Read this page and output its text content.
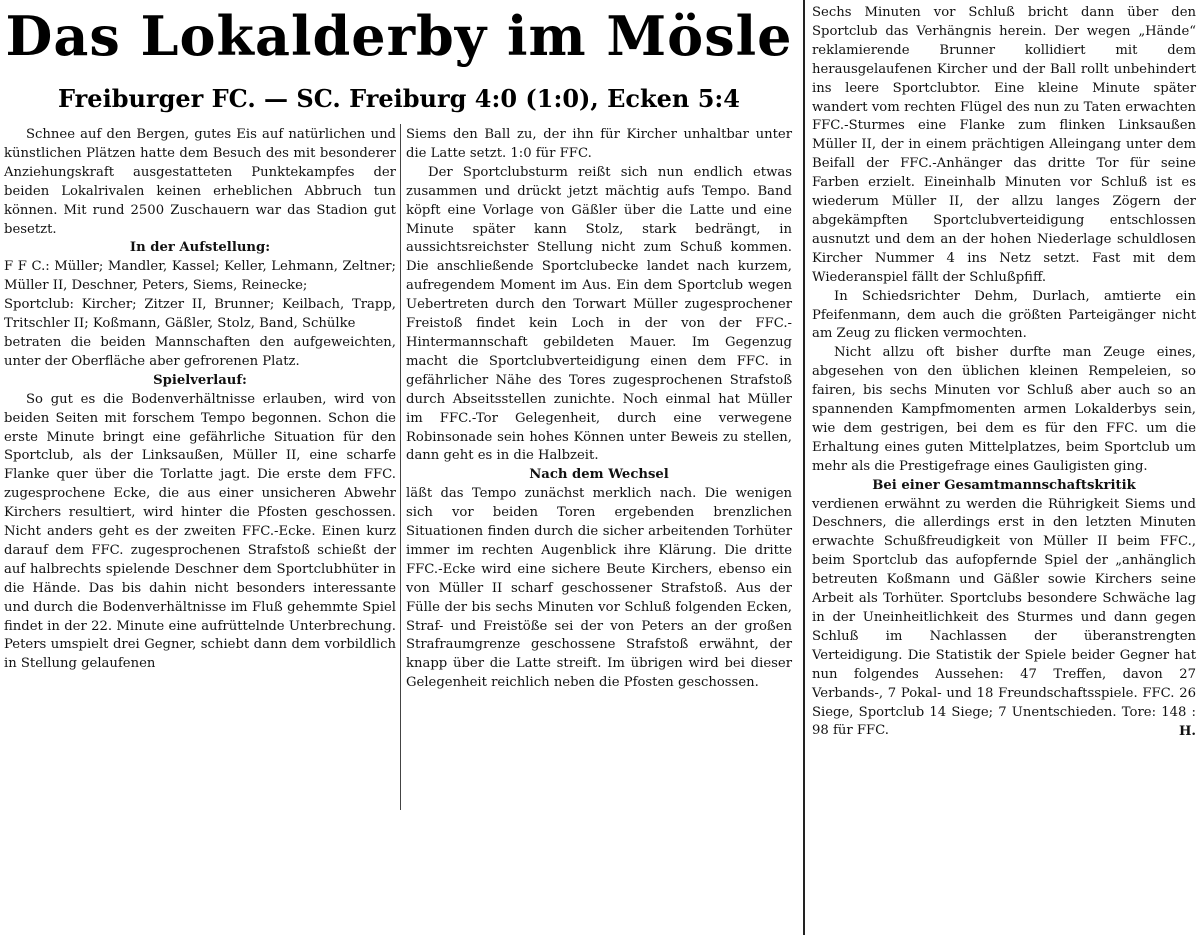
Das Lokalderby im Mösle
Freiburger FC. — SC. Freiburg 4:0 (1:0), Ecken 5:4

Schnee auf den Bergen, gutes Eis auf natürlichen und künstlichen Plätzen hatte dem Besuch des mit besonderer Anziehungskraft ausgestatteten Punktekampfes der beiden Lokalrivalen keinen erheblichen Abbruch tun können. Mit rund 2500 Zuschauern war das Stadion gut besetzt.

In der Aufstellung:

F F C.: Müller; Mandler, Kassel; Keller, Lehmann, Zeltner; Müller II, Deschner, Peters, Siems, Reinecke;

Sportclub: Kircher; Zitzer II, Brunner; Keilbach, Trapp, Tritschler II; Koßmann, Gäßler, Stolz, Band, Schülke

betraten die beiden Mannschaften den aufgeweichten, unter der Oberfläche aber gefrorenen Platz.

Spielverlauf:

So gut es die Bodenverhältnisse erlauben, wird von beiden Seiten mit forschem Tempo begonnen. Schon die erste Minute bringt eine gefährliche Situation für den Sportclub, als der Linksaußen, Müller II, eine scharfe Flanke quer über die Torlatte jagt. Die erste dem FFC. zugesprochene Ecke, die aus einer unsicheren Abwehr Kirchers resultiert, wird hinter die Pfosten geschossen. Nicht anders geht es der zweiten FFC.-Ecke. Einen kurz darauf dem FFC. zugesprochenen Strafstoß schießt der auf halbrechts spielende Deschner dem Sportclubhüter in die Hände. Das bis dahin nicht besonders interessante und durch die Bodenverhältnisse im Fluß gehemmte Spiel findet in der 22. Minute eine aufrüttelnde Unterbrechung. Peters umspielt drei Gegner, schiebt dann dem vorbildlich in Stellung gelaufenen

Siems den Ball zu, der ihn für Kircher unhaltbar unter die Latte setzt. 1:0 für FFC.

Der Sportclubsturm reißt sich nun endlich etwas zusammen und drückt jetzt mächtig aufs Tempo. Band köpft eine Vorlage von Gäßler über die Latte und eine Minute später kann Stolz, stark bedrängt, in aussichtsreichster Stellung nicht zum Schuß kommen. Die anschließende Sportclubecke landet nach kurzem, aufregendem Moment im Aus. Ein dem Sportclub wegen Uebertreten durch den Torwart Müller zugesprochener Freistoß findet kein Loch in der von der FFC.-Hintermannschaft gebildeten Mauer. Im Gegenzug macht die Sportclubverteidigung einen dem FFC. in gefährlicher Nähe des Tores zugesprochenen Strafstoß durch Abseitsstellen zunichte. Noch einmal hat Müller im FFC.-Tor Gelegenheit, durch eine verwegene Robinsonade sein hohes Können unter Beweis zu stellen, dann geht es in die Halbzeit.

Nach dem Wechsel

läßt das Tempo zunächst merklich nach. Die wenigen sich vor beiden Toren ergebenden brenzlichen Situationen finden durch die sicher arbeitenden Torhüter immer im rechten Augenblick ihre Klärung. Die dritte FFC.-Ecke wird eine sichere Beute Kirchers, ebenso ein von Müller II scharf geschossener Strafstoß. Aus der Fülle der bis sechs Minuten vor Schluß folgenden Ecken, Straf- und Freistöße sei der von Peters an der großen Strafraumgrenze geschossene Strafstoß erwähnt, der knapp über die Latte streift. Im übrigen wird bei dieser Gelegenheit reichlich neben die Pfosten geschossen.

Sechs Minuten vor Schluß bricht dann über den Sportclub das Verhängnis herein. Der wegen „Hände“ reklamierende Brunner kollidiert mit dem herausgelaufenen Kircher und der Ball rollt unbehindert ins leere Sportclubtor. Eine kleine Minute später wandert vom rechten Flügel des nun zu Taten erwachten FFC.-Sturmes eine Flanke zum flinken Linksaußen Müller II, der in einem prächtigen Alleingang unter dem Beifall der FFC.-Anhänger das dritte Tor für seine Farben erzielt. Eineinhalb Minuten vor Schluß ist es wiederum Müller II, der allzu langes Zögern der abgekämpften Sportclubverteidigung entschlossen ausnutzt und dem an der hohen Niederlage schuldlosen Kircher Nummer 4 ins Netz setzt. Fast mit dem Wiederanspiel fällt der Schlußpfiff.

In Schiedsrichter Dehm, Durlach, amtierte ein Pfeifenmann, dem auch die größten Parteigänger nicht am Zeug zu flicken vermochten.

Nicht allzu oft bisher durfte man Zeuge eines, abgesehen von den üblichen kleinen Rempeleien, so fairen, bis sechs Minuten vor Schluß aber auch so an spannenden Kampfmomenten armen Lokalderbys sein, wie dem gestrigen, bei dem es für den FFC. um die Erhaltung eines guten Mittelplatzes, beim Sportclub um mehr als die Prestigefrage eines Gauligisten ging.

Bei einer Gesamtmannschaftskritik

verdienen erwähnt zu werden die Rührigkeit Siems und Deschners, die allerdings erst in den letzten Minuten erwachte Schußfreudigkeit von Müller II beim FFC., beim Sportclub das aufopfernde Spiel der „anhänglich betreuten Koßmann und Gäßler sowie Kirchers seine Arbeit als Torhüter. Sportclubs besondere Schwäche lag in der Uneinheitlichkeit des Sturmes und dann gegen Schluß im Nachlassen der überanstrengten Verteidigung. Die Statistik der Spiele beider Gegner hat nun folgendes Aussehen: 47 Treffen, davon 27 Verbands-, 7 Pokal- und 18 Freundschaftsspiele. FFC. 26 Siege, Sportclub 14 Siege; 7 Unentschieden. Tore: 148 : 98 für FFC.	H.
